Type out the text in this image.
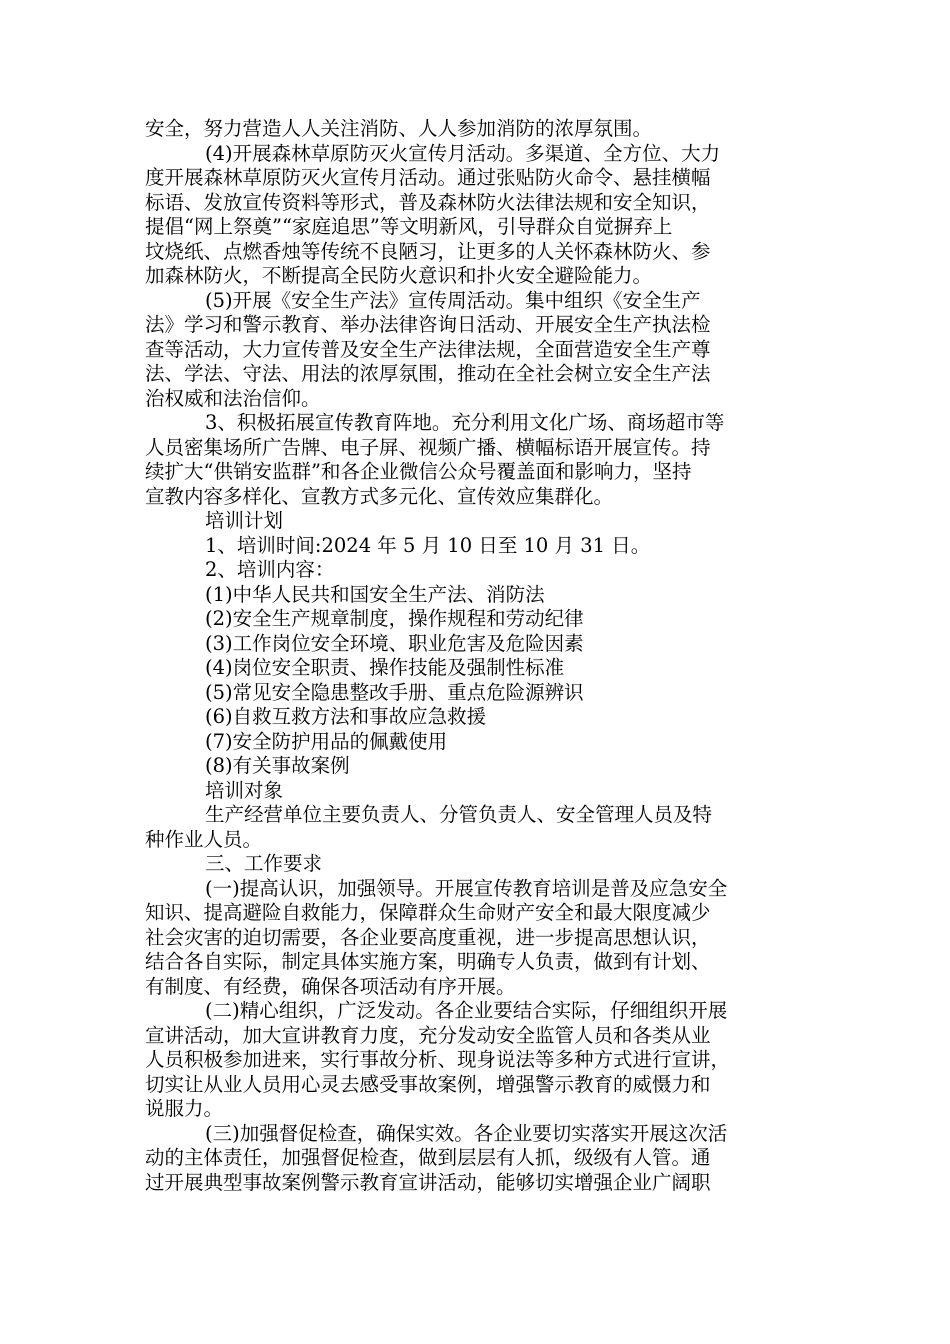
安全，努力营造人人关注消防、人人参加消防的浓厚氛围。
(4)开展森林草原防灭火宣传月活动。多渠道、全方位、大力
度开展森林草原防灭火宣传月活动。通过张贴防火命令、悬挂横幅
标语、发放宣传资料等形式，普及森林防火法律法规和安全知识，
提倡“网上祭奠”“家庭追思”等文明新风，引导群众自觉摒弃上
坟烧纸、点燃香烛等传统不良陋习，让更多的人关怀森林防火、参
加森林防火，不断提高全民防火意识和扑火安全避险能力。
(5)开展《安全生产法》宣传周活动。集中组织《安全生产
法》学习和警示教育、举办法律咨询日活动、开展安全生产执法检
查等活动，大力宣传普及安全生产法律法规，全面营造安全生产尊
法、学法、守法、用法的浓厚氛围，推动在全社会树立安全生产法
治权威和法治信仰。
3、积极拓展宣传教育阵地。充分利用文化广场、商场超市等
人员密集场所广告牌、电子屏、视频广播、横幅标语开展宣传。持
续扩大“供销安监群”和各企业微信公众号覆盖面和影响力，坚持
宣教内容多样化、宣教方式多元化、宣传效应集群化。
培训计划
1、培训时间:2024 年 5 月 10 日至 10 月 31 日。
2、培训内容：
(1)中华人民共和国安全生产法、消防法
(2)安全生产规章制度，操作规程和劳动纪律
(3)工作岗位安全环境、职业危害及危险因素
(4)岗位安全职责、操作技能及强制性标准
(5)常见安全隐患整改手册、重点危险源辨识
(6)自救互救方法和事故应急救援
(7)安全防护用品的佩戴使用
(8)有关事故案例
培训对象
生产经营单位主要负责人、分管负责人、安全管理人员及特
种作业人员。
三、工作要求
(一)提高认识，加强领导。开展宣传教育培训是普及应急安全
知识、提高避险自救能力，保障群众生命财产安全和最大限度减少
社会灾害的迫切需要，各企业要高度重视，进一步提高思想认识，
结合各自实际，制定具体实施方案，明确专人负责，做到有计划、
有制度、有经费，确保各项活动有序开展。
(二)精心组织，广泛发动。各企业要结合实际，仔细组织开展
宣讲活动，加大宣讲教育力度，充分发动安全监管人员和各类从业
人员积极参加进来，实行事故分析、现身说法等多种方式进行宣讲，
切实让从业人员用心灵去感受事故案例，增强警示教育的威慑力和
说服力。
(三)加强督促检查，确保实效。各企业要切实落实开展这次活
动的主体责任，加强督促检查，做到层层有人抓，级级有人管。通
过开展典型事故案例警示教育宣讲活动，能够切实增强企业广阔职
